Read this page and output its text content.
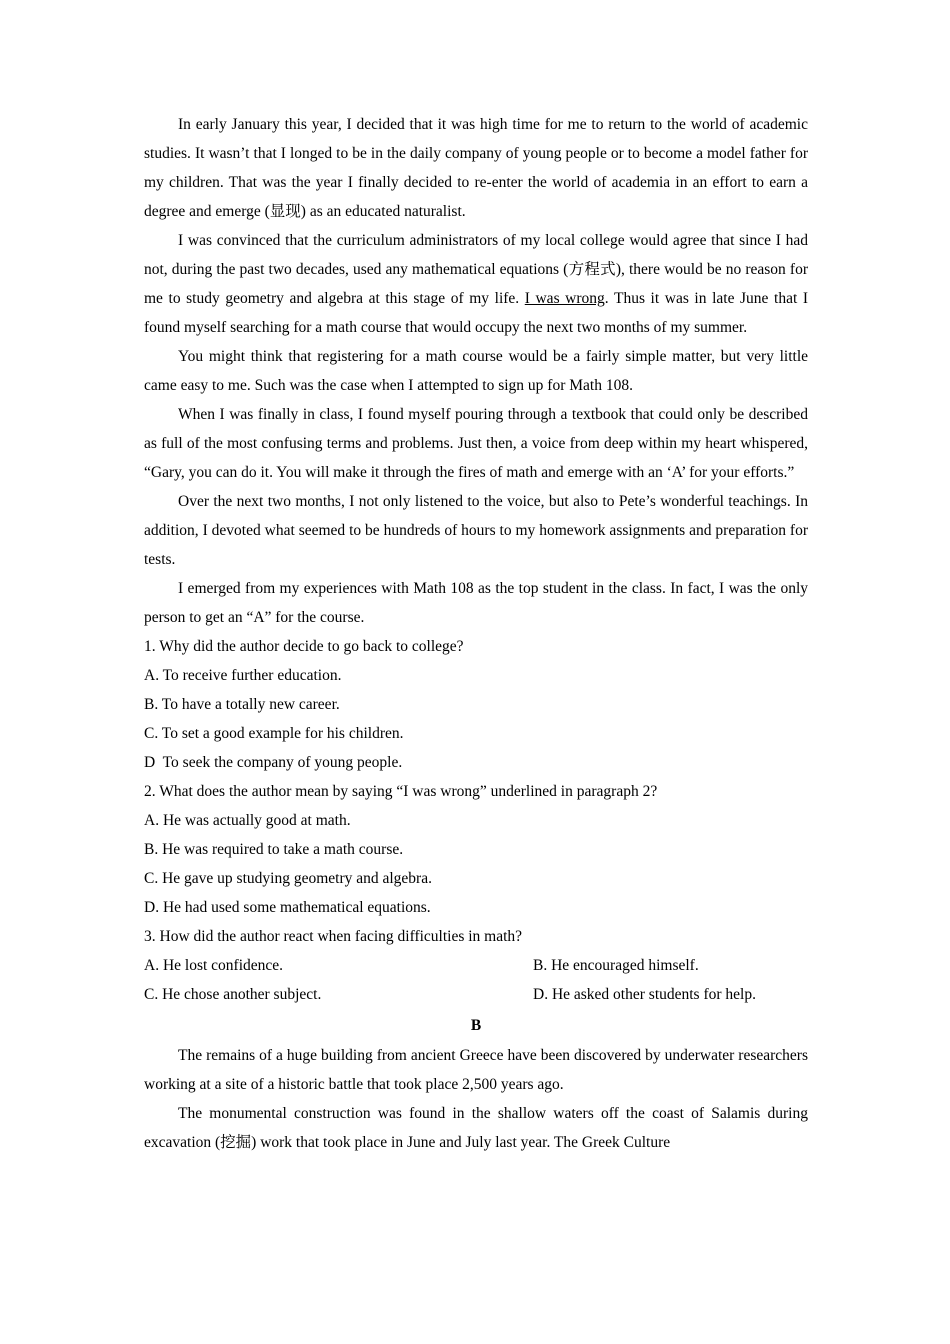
In early January this year, I decided that it was high time for me to return to the world of academic studies. It wasn’t that I longed to be in the daily company of young people or to become a model father for my children. That was the year I finally decided to re-enter the world of academia in an effort to earn a degree and emerge (显现) as an educated naturalist.

I was convinced that the curriculum administrators of my local college would agree that since I had not, during the past two decades, used any mathematical equations (方程式), there would be no reason for me to study geometry and algebra at this stage of my life. I was wrong. Thus it was in late June that I found myself searching for a math course that would occupy the next two months of my summer.

You might think that registering for a math course would be a fairly simple matter, but very little came easy to me. Such was the case when I attempted to sign up for Math 108.

When I was finally in class, I found myself pouring through a textbook that could only be described as full of the most confusing terms and problems. Just then, a voice from deep within my heart whispered, “Gary, you can do it. You will make it through the fires of math and emerge with an ‘A’ for your efforts.”

Over the next two months, I not only listened to the voice, but also to Pete’s wonderful teachings. In addition, I devoted what seemed to be hundreds of hours to my homework assignments and preparation for tests.

I emerged from my experiences with Math 108 as the top student in the class. In fact, I was the only person to get an “A” for the course.

1. Why did the author decide to go back to college?

A. To receive further education.

B. To have a totally new career.

C. To set a good example for his children.

D  To seek the company of young people.

2. What does the author mean by saying “I was wrong” underlined in paragraph 2?

A. He was actually good at math.

B. He was required to take a math course.

C. He gave up studying geometry and algebra.

D. He had used some mathematical equations.

3. How did the author react when facing difficulties in math?

A. He lost confidence.	B. He encouraged himself.
C. He chose another subject.	D. He asked other students for help.

B

The remains of a huge building from ancient Greece have been discovered by underwater researchers working at a site of a historic battle that took place 2,500 years ago.

The monumental construction was found in the shallow waters off the coast of Salamis during excavation (挖掘) work that took place in June and July last year. The Greek Culture
